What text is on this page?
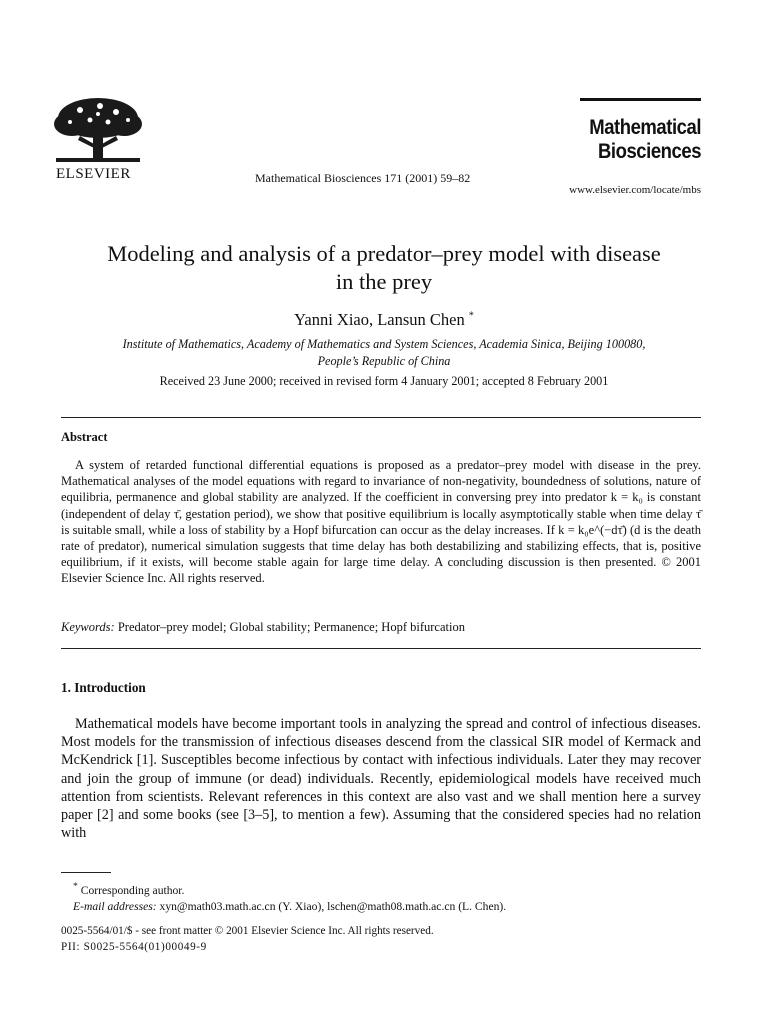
ELSEVIER	Mathematical Biosciences 171 (2001) 59–82
Mathematical
Biosciences
www.elsevier.com/locate/mbs
Modeling and analysis of a predator–prey model with disease
in the prey
Yanni Xiao, Lansun Chen *
Institute of Mathematics, Academy of Mathematics and System Sciences, Academia Sinica, Beijing 100080,
People’s Republic of China
Received 23 June 2000; received in revised form 4 January 2001; accepted 8 February 2001
Abstract
A system of retarded functional differential equations is proposed as a predator–prey model with disease in the prey. Mathematical analyses of the model equations with regard to invariance of non-negativity, boundedness of solutions, nature of equilibria, permanence and global stability are analyzed. If the coefficient in conversing prey into predator k = k₀ is constant (independent of delay τ̄, gestation period), we show that positive equilibrium is locally asymptotically stable when time delay τ̄ is suitable small, while a loss of stability by a Hopf bifurcation can occur as the delay increases. If k = k₀e^(−dτ̄) (d is the death rate of predator), numerical simulation suggests that time delay has both destabilizing and stabilizing effects, that is, positive equilibrium, if it exists, will become stable again for large time delay. A concluding discussion is then presented. © 2001 Elsevier Science Inc. All rights reserved.
Keywords: Predator–prey model; Global stability; Permanence; Hopf bifurcation
1. Introduction
Mathematical models have become important tools in analyzing the spread and control of infectious diseases. Most models for the transmission of infectious diseases descend from the classical SIR model of Kermack and McKendrick [1]. Susceptibles become infectious by contact with infectious individuals. Later they may recover and join the group of immune (or dead) individuals. Recently, epidemiological models have received much attention from scientists. Relevant references in this context are also vast and we shall mention here a survey paper [2] and some books (see [3–5], to mention a few). Assuming that the considered species had no relation with
* Corresponding author.
E-mail addresses: xyn@math03.math.ac.cn (Y. Xiao), lschen@math08.math.ac.cn (L. Chen).
0025-5564/01/$ - see front matter © 2001 Elsevier Science Inc. All rights reserved.
PII: S0025-5564(01)00049-9
